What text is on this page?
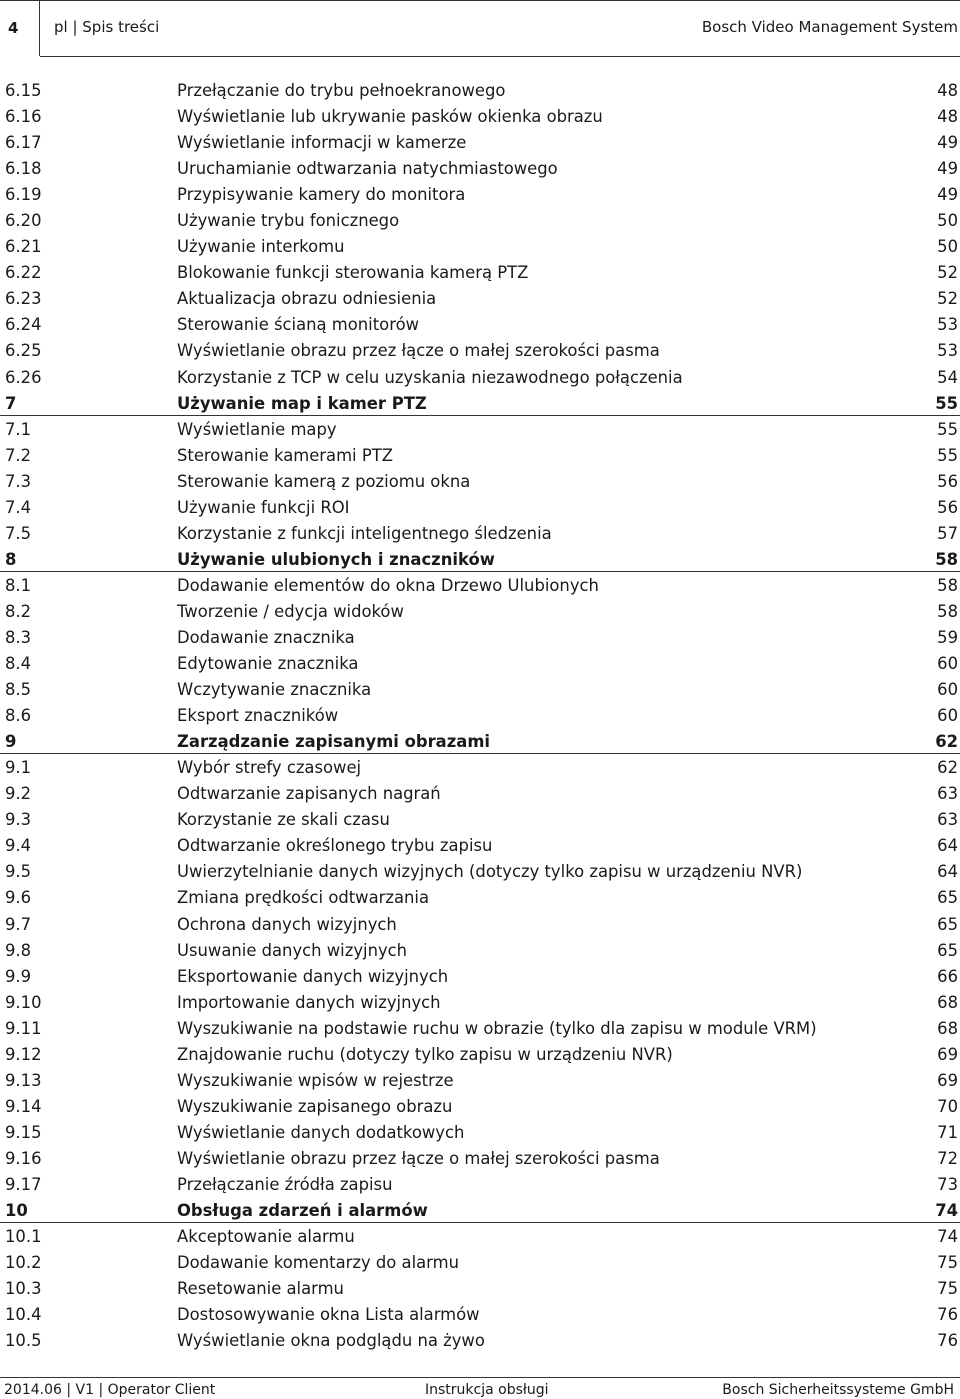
4 pl | Spis treści	Bosch Video Management System
6.15	Przełączanie do trybu pełnoekranowego	48
6.16	Wyświetlanie lub ukrywanie pasków okienka obrazu	48
6.17	Wyświetlanie informacji w kamerze	49
6.18	Uruchamianie odtwarzania natychmiastowego	49
6.19	Przypisywanie kamery do monitora	49
6.20	Używanie trybu fonicznego	50
6.21	Używanie interkomu	50
6.22	Blokowanie funkcji sterowania kamerą PTZ	52
6.23	Aktualizacja obrazu odniesienia	52
6.24	Sterowanie ścianą monitorów	53
6.25	Wyświetlanie obrazu przez łącze o małej szerokości pasma	53
6.26	Korzystanie z TCP w celu uzyskania niezawodnego połączenia	54
7	Używanie map i kamer PTZ	55
7.1	Wyświetlanie mapy	55
7.2	Sterowanie kamerami PTZ	55
7.3	Sterowanie kamerą z poziomu okna	56
7.4	Używanie funkcji ROI	56
7.5	Korzystanie z funkcji inteligentnego śledzenia	57
8	Używanie ulubionych i znaczników	58
8.1	Dodawanie elementów do okna Drzewo Ulubionych	58
8.2	Tworzenie / edycja widoków	58
8.3	Dodawanie znacznika	59
8.4	Edytowanie znacznika	60
8.5	Wczytywanie znacznika	60
8.6	Eksport znaczników	60
9	Zarządzanie zapisanymi obrazami	62
9.1	Wybór strefy czasowej	62
9.2	Odtwarzanie zapisanych nagrań	63
9.3	Korzystanie ze skali czasu	63
9.4	Odtwarzanie określonego trybu zapisu	64
9.5	Uwierzytelnianie danych wizyjnych (dotyczy tylko zapisu w urządzeniu NVR)	64
9.6	Zmiana prędkości odtwarzania	65
9.7	Ochrona danych wizyjnych	65
9.8	Usuwanie danych wizyjnych	65
9.9	Eksportowanie danych wizyjnych	66
9.10	Importowanie danych wizyjnych	68
9.11	Wyszukiwanie na podstawie ruchu w obrazie (tylko dla zapisu w module VRM)	68
9.12	Znajdowanie ruchu (dotyczy tylko zapisu w urządzeniu NVR)	69
9.13	Wyszukiwanie wpisów w rejestrze	69
9.14	Wyszukiwanie zapisanego obrazu	70
9.15	Wyświetlanie danych dodatkowych	71
9.16	Wyświetlanie obrazu przez łącze o małej szerokości pasma	72
9.17	Przełączanie źródła zapisu	73
10	Obsługa zdarzeń i alarmów	74
10.1	Akceptowanie alarmu	74
10.2	Dodawanie komentarzy do alarmu	75
10.3	Resetowanie alarmu	75
10.4	Dostosowywanie okna Lista alarmów	76
10.5	Wyświetlanie okna podglądu na żywo	76
2014.06 | V1 | Operator Client	Instrukcja obsługi	Bosch Sicherheitssysteme GmbH
